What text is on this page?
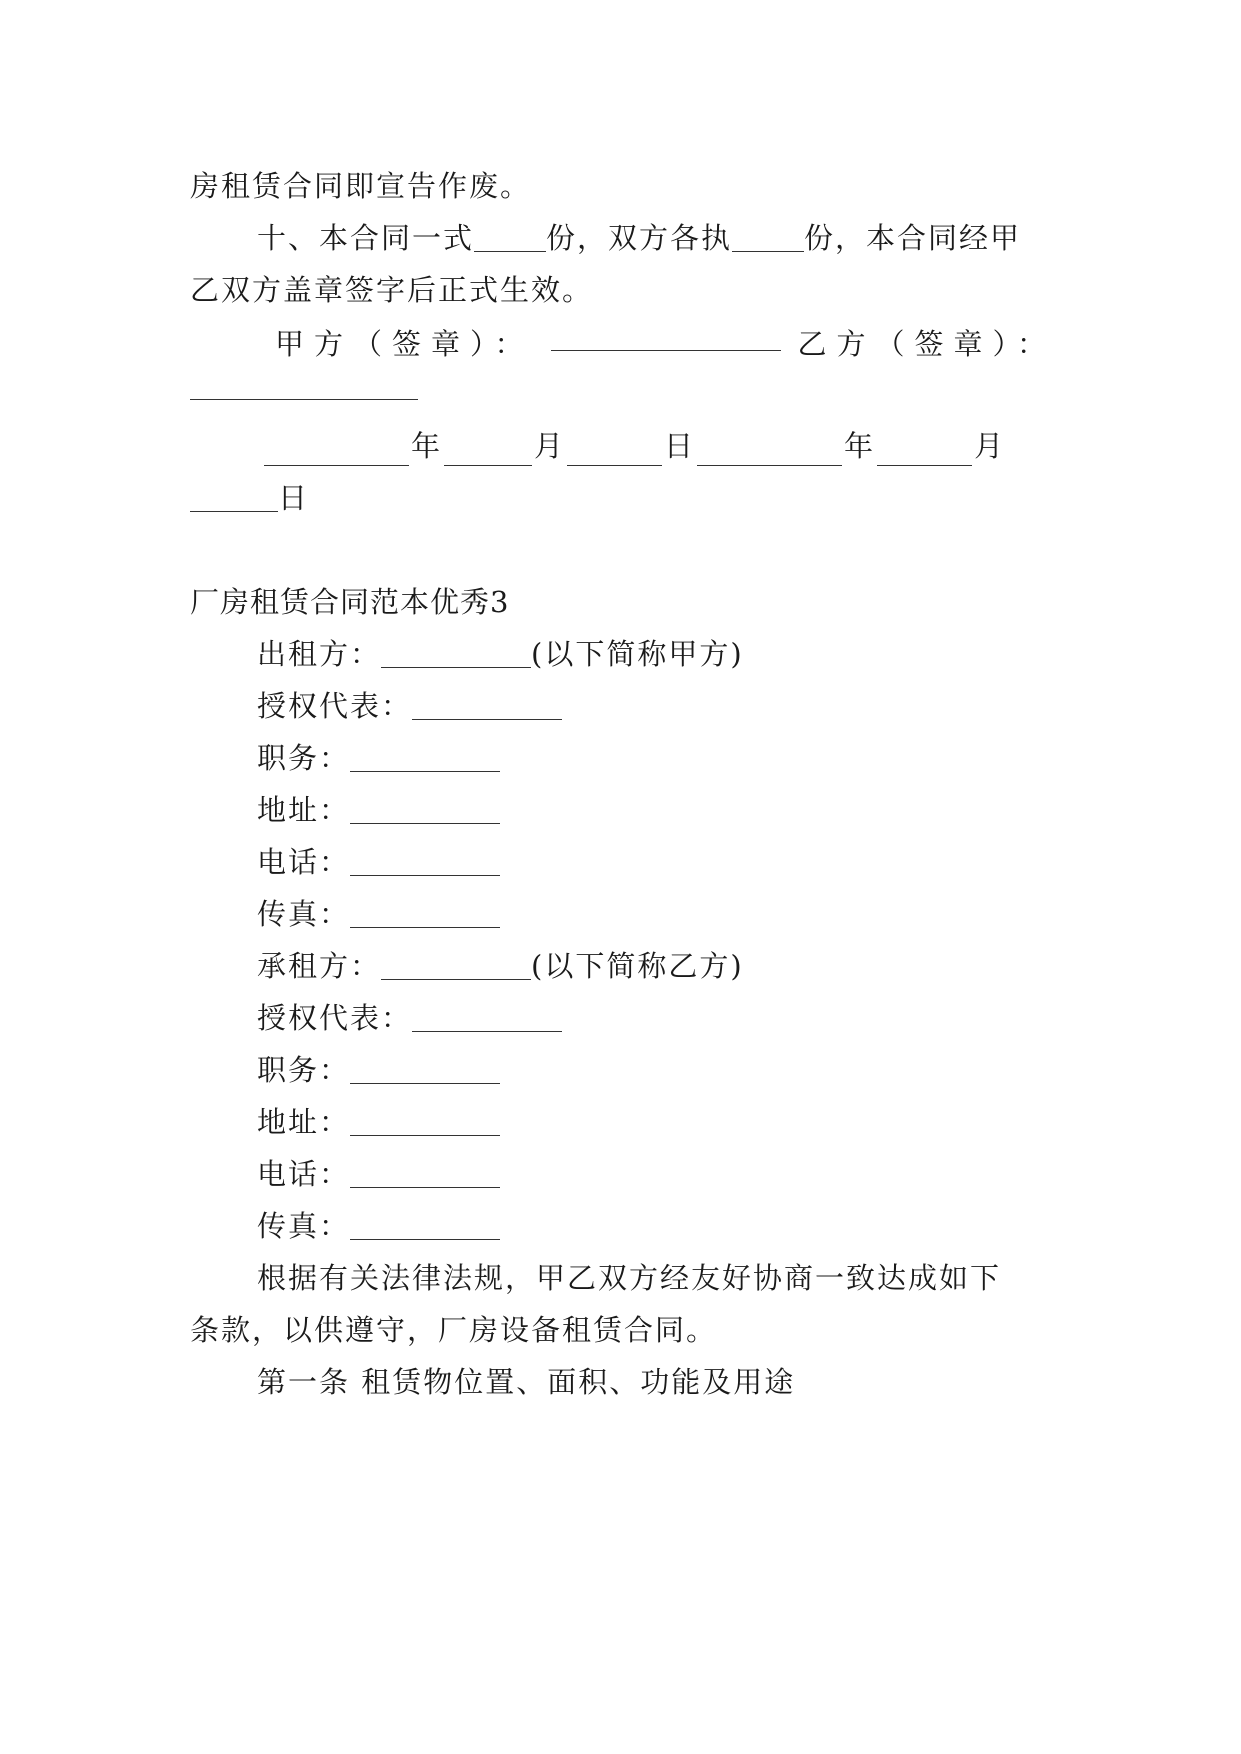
房租赁合同即宣告作废。

十、本合同一式 份，双方各执 份，本合同经甲

乙双方盖章签字后正式生效。

甲方（签章）：	乙方（签章）：
年	月	日	年	月
日

厂房租赁合同范本优秀3

出租方：	(以下简称甲方)

授权代表：

职务：

地址：

电话：

传真：

承租方：	(以下简称乙方)

授权代表：

职务：

地址：

电话：

传真：

根据有关法律法规，甲乙双方经友好协商一致达成如下

条款，以供遵守，厂房设备租赁合同。

第一条 租赁物位置、面积、功能及用途
